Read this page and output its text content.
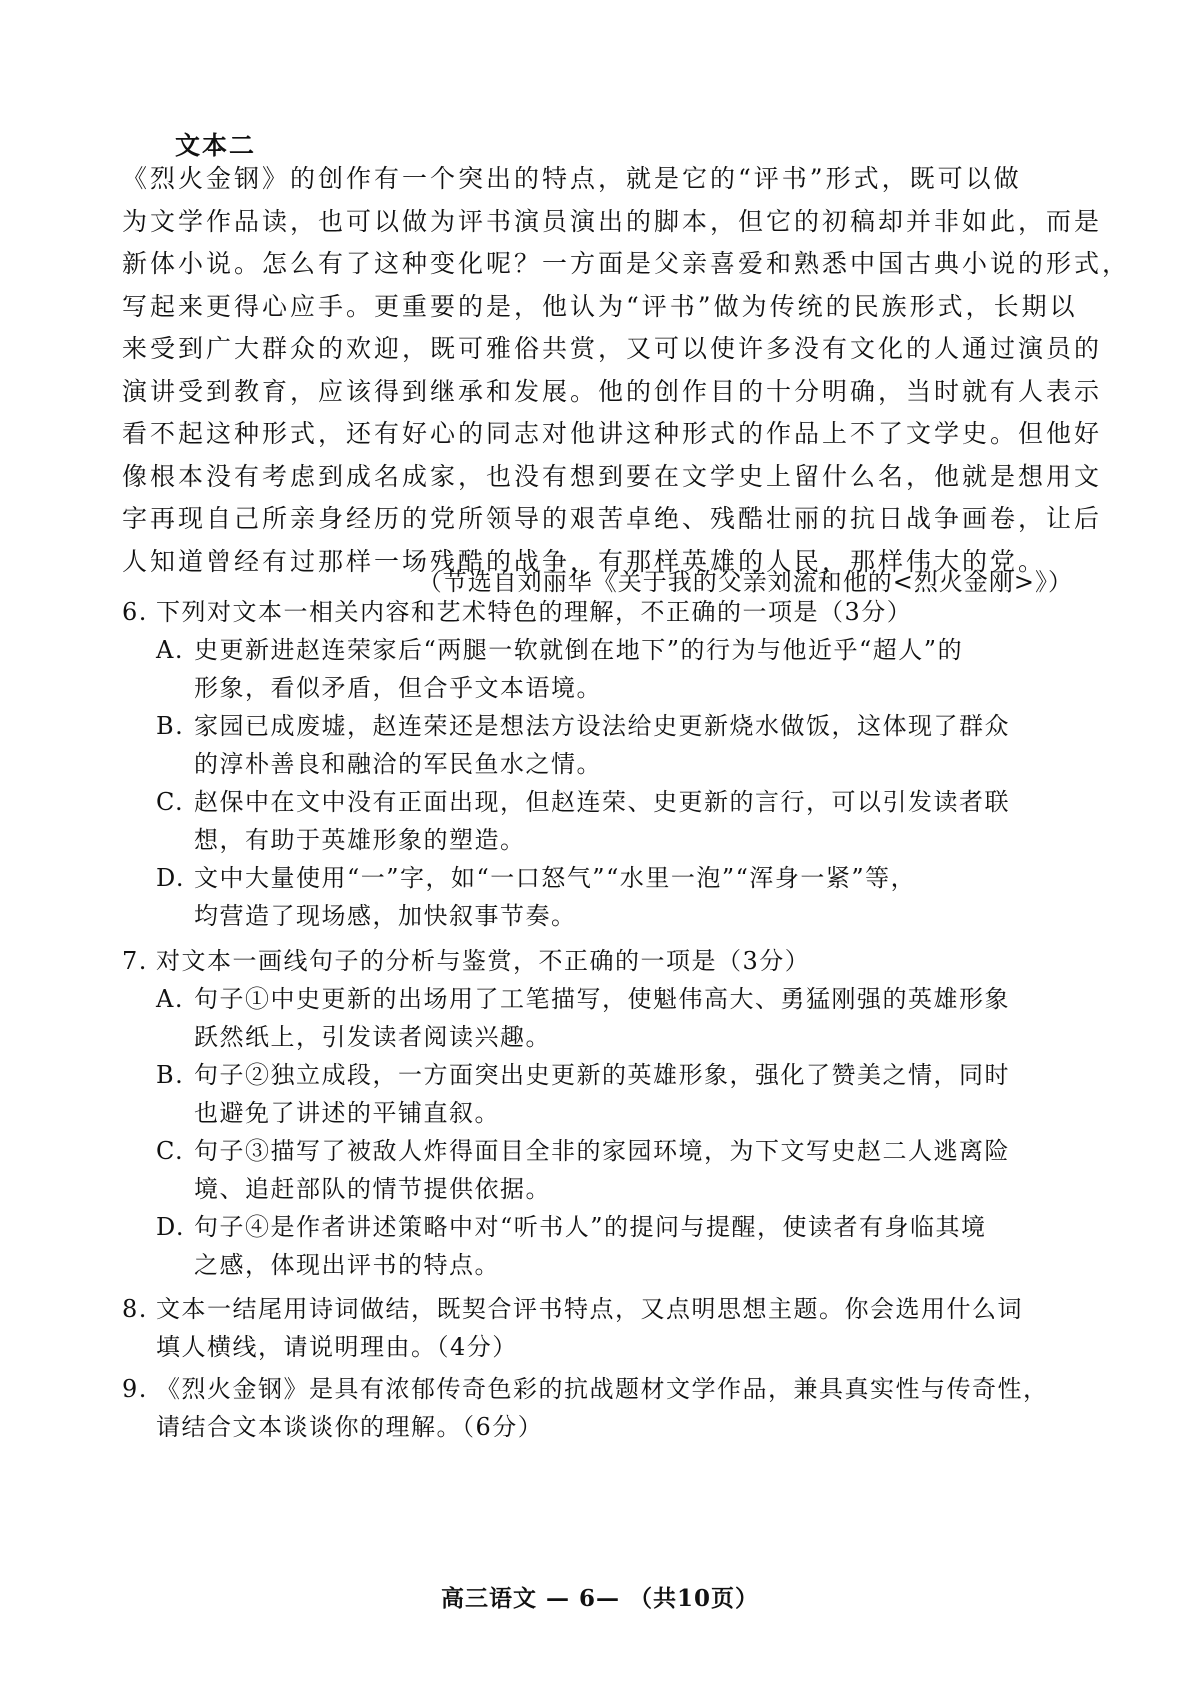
文本二
《烈火金钢》的创作有一个突出的特点，就是它的“评书”形式，既可以做
为文学作品读，也可以做为评书演员演出的脚本，但它的初稿却并非如此，而是
新体小说。怎么有了这种变化呢？一方面是父亲喜爱和熟悉中国古典小说的形式，
写起来更得心应手。更重要的是，他认为“评书”做为传统的民族形式，长期以
来受到广大群众的欢迎，既可雅俗共赏，又可以使许多没有文化的人通过演员的
演讲受到教育，应该得到继承和发展。他的创作目的十分明确，当时就有人表示
看不起这种形式，还有好心的同志对他讲这种形式的作品上不了文学史。但他好
像根本没有考虑到成名成家，也没有想到要在文学史上留什么名，他就是想用文
字再现自己所亲身经历的党所领导的艰苦卓绝、残酷壮丽的抗日战争画卷，让后
人知道曾经有过那样一场残酷的战争，有那样英雄的人民，那样伟大的党。
（节选自刘丽华《关于我的父亲刘流和他的<烈火金刚>》）
6. 下列对文本一相关内容和艺术特色的理解，不正确的一项是（3分）
A. 史更新进赵连荣家后“两腿一软就倒在地下”的行为与他近乎“超人”的
形象，看似矛盾，但合乎文本语境。
B. 家园已成废墟，赵连荣还是想法方设法给史更新烧水做饭，这体现了群众
的淳朴善良和融洽的军民鱼水之情。
C. 赵保中在文中没有正面出现，但赵连荣、史更新的言行，可以引发读者联
想，有助于英雄形象的塑造。
D. 文中大量使用“一”字，如“一口怒气”“水里一泡”“浑身一紧”等，
均营造了现场感，加快叙事节奏。
7. 对文本一画线句子的分析与鉴赏，不正确的一项是（3分）
A. 句子①中史更新的出场用了工笔描写，使魁伟高大、勇猛刚强的英雄形象
跃然纸上，引发读者阅读兴趣。
B. 句子②独立成段，一方面突出史更新的英雄形象，强化了赞美之情，同时
也避免了讲述的平铺直叙。
C. 句子③描写了被敌人炸得面目全非的家园环境，为下文写史赵二人逃离险
境、追赶部队的情节提供依据。
D. 句子④是作者讲述策略中对“听书人”的提问与提醒，使读者有身临其境
之感，体现出评书的特点。
8. 文本一结尾用诗词做结，既契合评书特点，又点明思想主题。你会选用什么词
填人横线，请说明理由。（4分）
9. 《烈火金钢》是具有浓郁传奇色彩的抗战题材文学作品，兼具真实性与传奇性，
请结合文本谈谈你的理解。（6分）
高三语文 — 6— （共10页）
